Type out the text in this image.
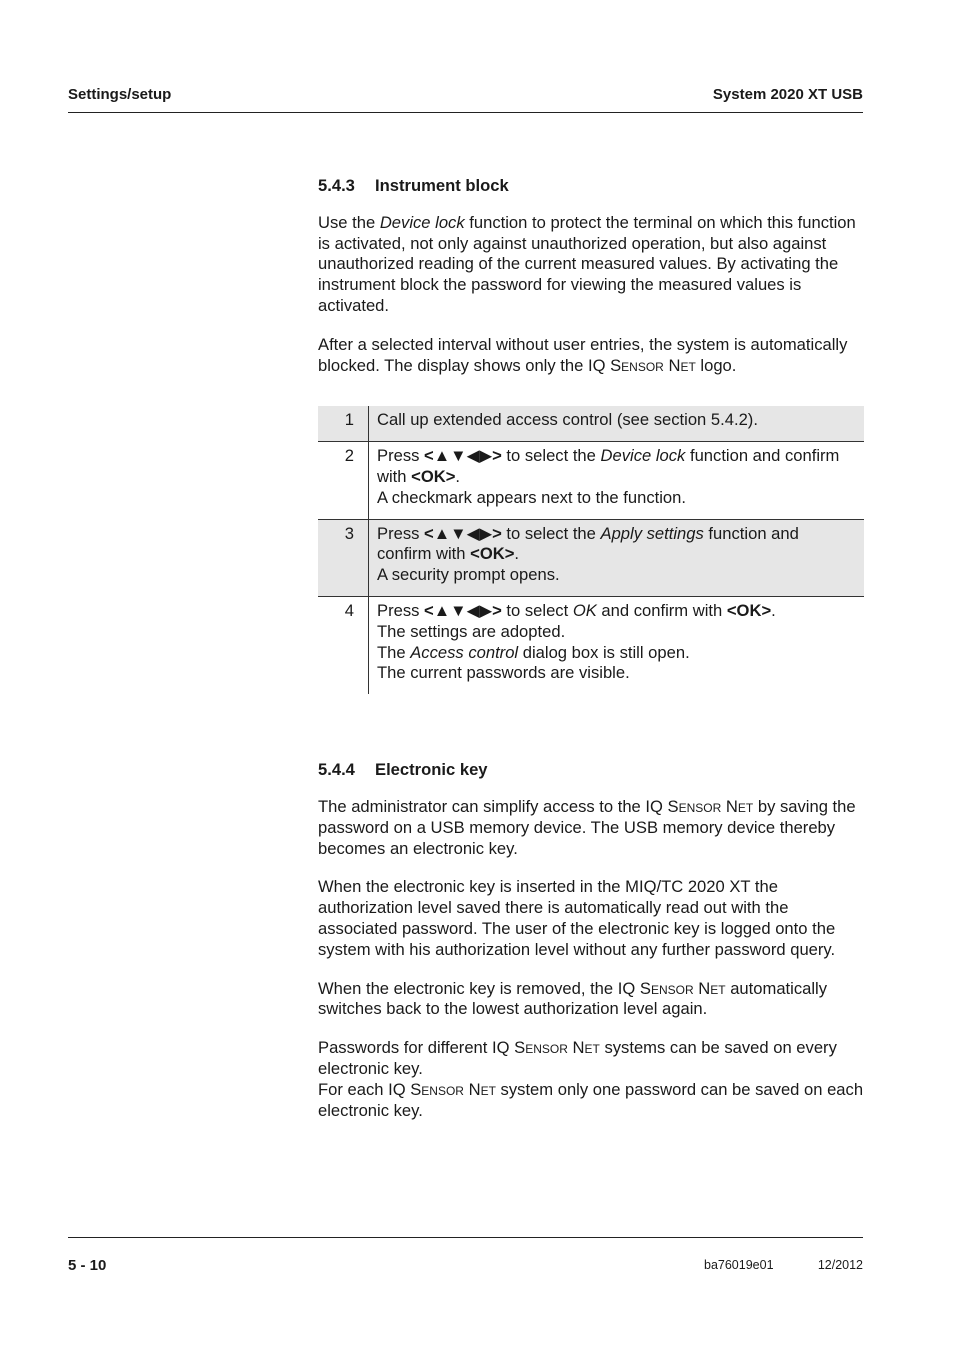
Settings/setup	System 2020 XT USB
5.4.3 Instrument block

Use the Device lock function to protect the terminal on which this function is activated, not only against unauthorized operation, but also against unauthorized reading of the current measured values. By activating the instrument block the password for viewing the measured values is activated.

After a selected interval without user entries, the system is automatically blocked. The display shows only the IQ Sensor Net logo.

1	Call up extended access control (see section 5.4.2).
2	Press <▲▼◀▶> to select the Device lock function and confirm with <OK>.
A checkmark appears next to the function.
3	Press <▲▼◀▶> to select the Apply settings function and confirm with <OK>.
A security prompt opens.
4	Press <▲▼◀▶> to select OK and confirm with <OK>.
The settings are adopted.
The Access control dialog box is still open.
The current passwords are visible.
5.4.4 Electronic key

The administrator can simplify access to the IQ Sensor Net by saving the password on a USB memory device. The USB memory device thereby becomes an electronic key.

When the electronic key is inserted in the MIQ/TC 2020 XT the authorization level saved there is automatically read out with the associated password. The user of the electronic key is logged onto the system with his authorization level without any further password query.

When the electronic key is removed, the IQ Sensor Net automatically switches back to the lowest authorization level again.

Passwords for different IQ Sensor Net systems can be saved on every electronic key.
For each IQ Sensor Net system only one password can be saved on each electronic key.

5 - 10	ba76019e01	12/2012
